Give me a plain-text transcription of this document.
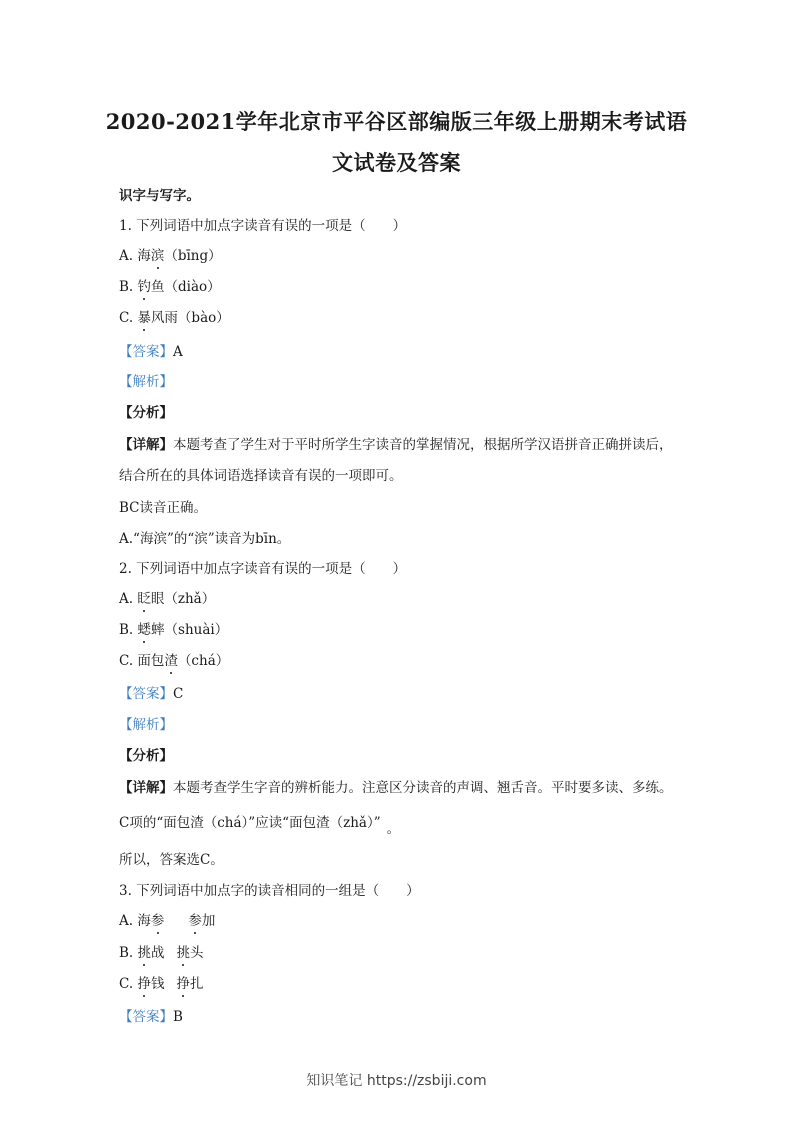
2020-2021学年北京市平谷区部编版三年级上册期末考试语
文试卷及答案
识字与写字。
1. 下列词语中加点字读音有误的一项是（　　）
A. 海滨（bīng）
B. 钓鱼（diào）
C. 暴风雨（bào）
【答案】A
【解析】
【分析】
【详解】本题考查了学生对于平时所学生字读音的掌握情况，根据所学汉语拼音正确拼读后，
结合所在的具体词语选择读音有误的一项即可。
BC读音正确。
A.“海滨”的“滨”读音为bīn。
2. 下列词语中加点字读音有误的一项是（　　）
A. 眨眼（zhǎ）
B. 蟋蟀（shuài）
C. 面包渣（chá）
【答案】C
【解析】
【分析】
【详解】本题考查学生字音的辨析能力。注意区分读音的声调、翘舌音。平时要多读、多练。
C项的“面包渣（chá）”应读“面包渣（zhǎ）” 。
所以，答案选C。
3. 下列词语中加点字的读音相同的一组是（　　）
A. 海参 参加
B. 挑战 挑头
C. 挣钱 挣扎
【答案】B
知识笔记 https://zsbiji.com
